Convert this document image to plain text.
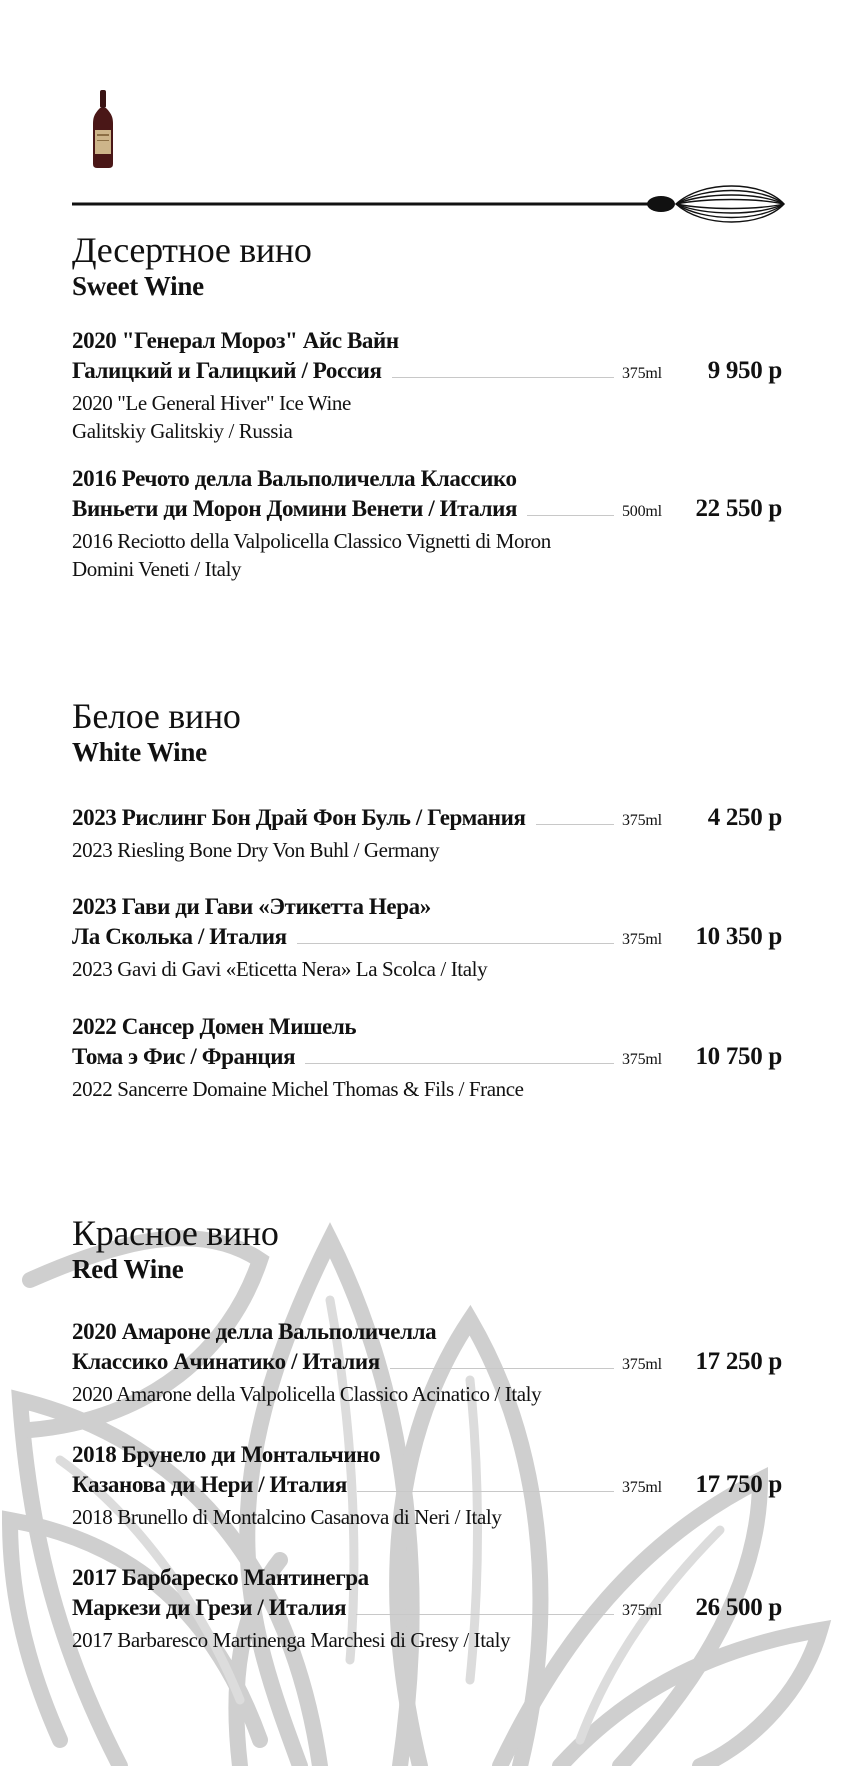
Десертное вино
Sweet Wine
2020 "Генерал Мороз" Айс Вайн
Галицкий и Галицкий / Россия	375ml	9 950 р
2020 "Le General Hiver" Ice Wine
Galitskiy Galitskiy / Russia
2016 Речото делла Вальполичелла Классико
Виньети ди Морон Домини Венети / Италия	500ml	22 550 р
2016 Reciotto della Valpolicella Classico Vignetti di Moron
Domini Veneti / Italy
Белое вино
White Wine
2023 Рислинг Бон Драй Фон Буль / Германия	375ml	4 250 р
2023 Riesling Bone Dry Von Buhl / Germany
2023 Гави ди Гави «Этикетта Нера»
Ла Сколька / Италия	375ml	10 350 р
2023 Gavi di Gavi «Eticetta Nera» La Scolca / Italy
2022 Сансер Домен Мишель
Тома э Фис / Франция	375ml	10 750 р
2022 Sancerre Domaine Michel Thomas & Fils / France
Красное вино
Red Wine
2020 Амароне делла Вальполичелла
Классико Ачинатико / Италия	375ml	17 250 р
2020 Amarone della Valpolicella Classico Acinatico / Italy
2018 Брунело ди Монтальчино
Казанова ди Нери / Италия	375ml	17 750 р
2018 Brunello di Montalcino Casanova di Neri / Italy
2017 Барбареско Мантинегра
Маркези ди Грези / Италия	375ml	26 500 р
2017 Barbaresco Martinenga Marchesi di Gresy / Italy
